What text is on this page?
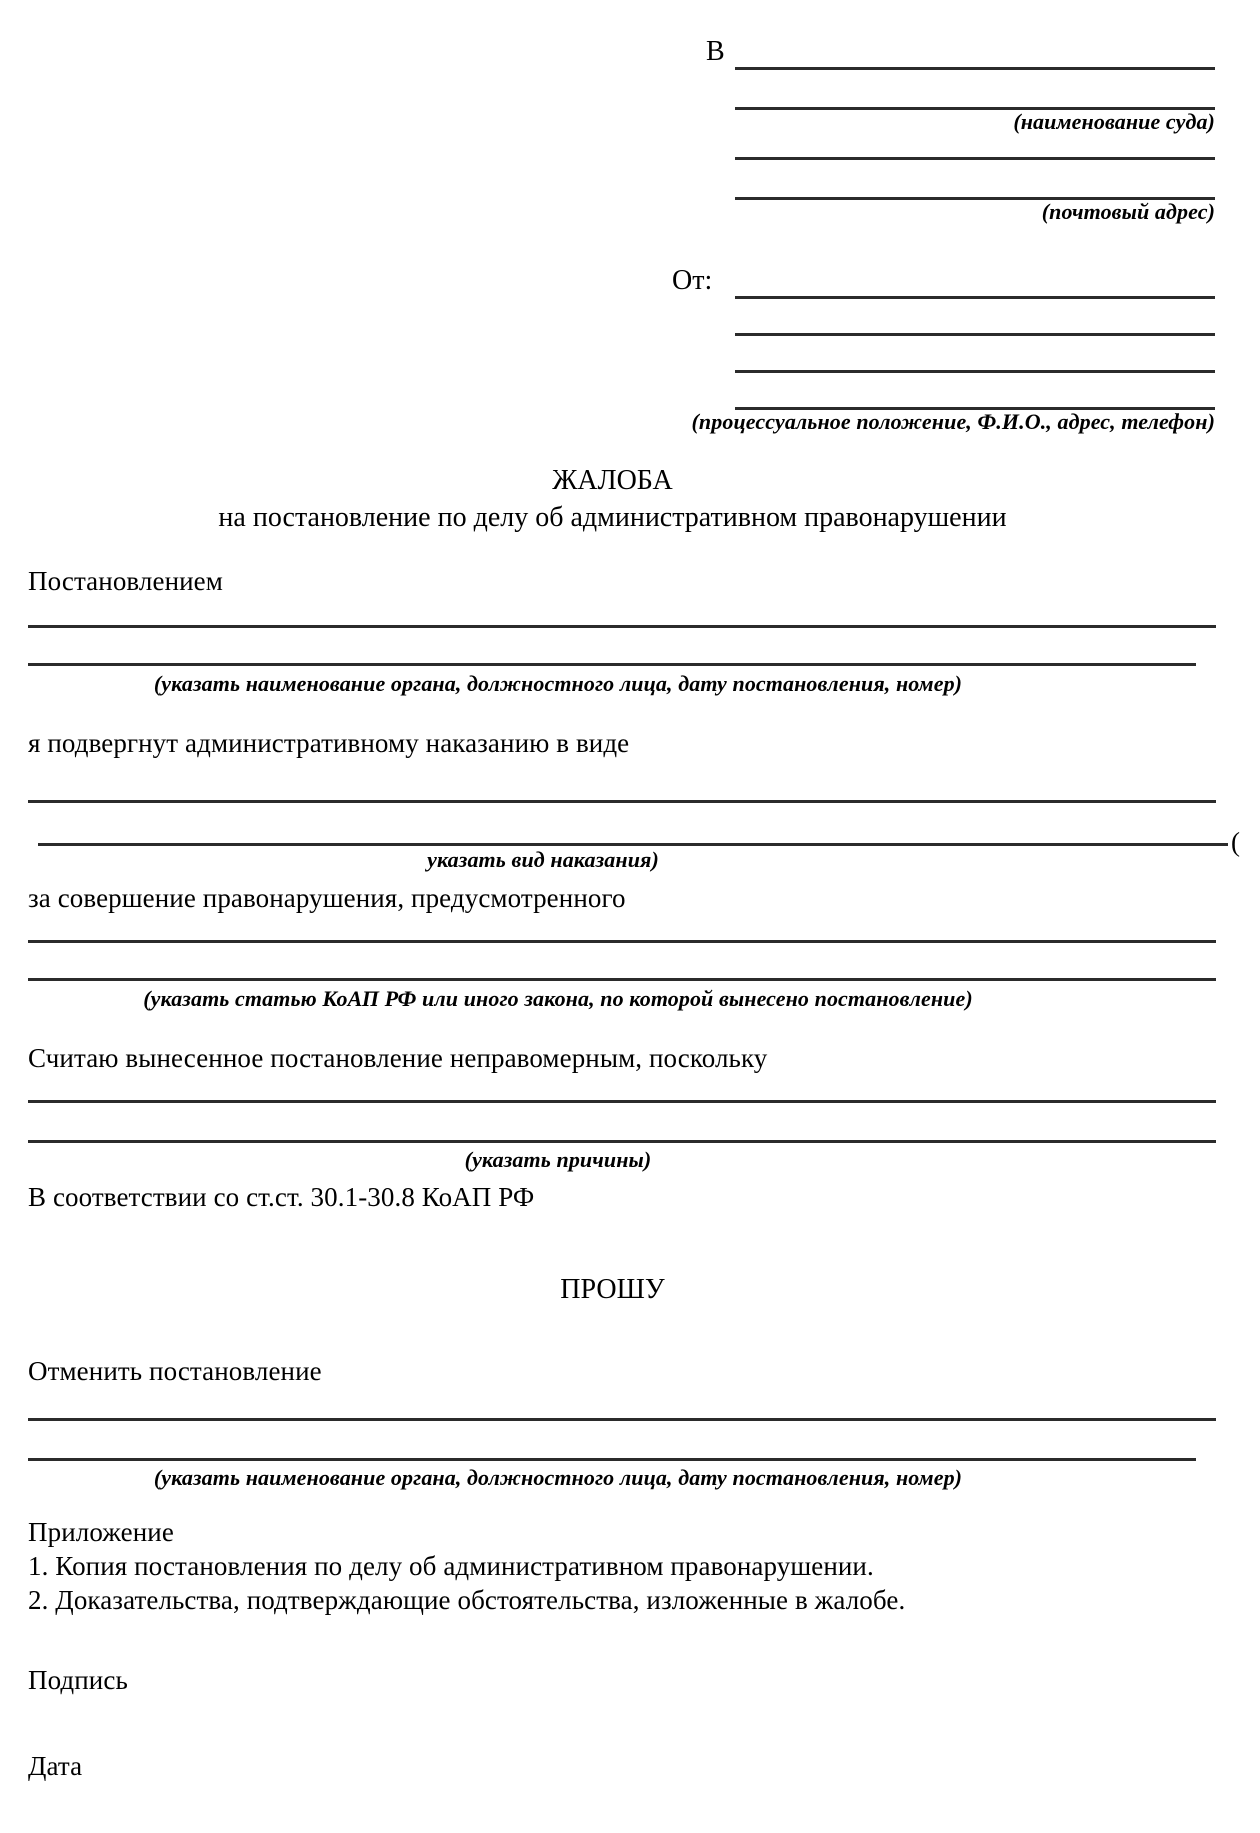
В
(наименование суда)
(почтовый адрес)
От:
(процессуальное положение, Ф.И.О., адрес, телефон)
ЖАЛОБА
на постановление по делу об административном правонарушении
Постановлением
(указать наименование органа, должностного лица, дату постановления, номер)
я подвергнут административному наказанию в виде
(
указать вид наказания)
за совершение правонарушения, предусмотренного
(указать статью КоАП РФ или иного закона, по которой вынесено постановление)
Считаю вынесенное постановление неправомерным, поскольку
(указать причины)
В соответствии со ст.ст. 30.1-30.8 КоАП РФ
ПРОШУ
Отменить постановление
(указать наименование органа, должностного лица, дату постановления, номер)
Приложение
1. Копия постановления по делу об административном правонарушении.
2. Доказательства, подтверждающие обстоятельства, изложенные в жалобе.
Подпись
Дата
